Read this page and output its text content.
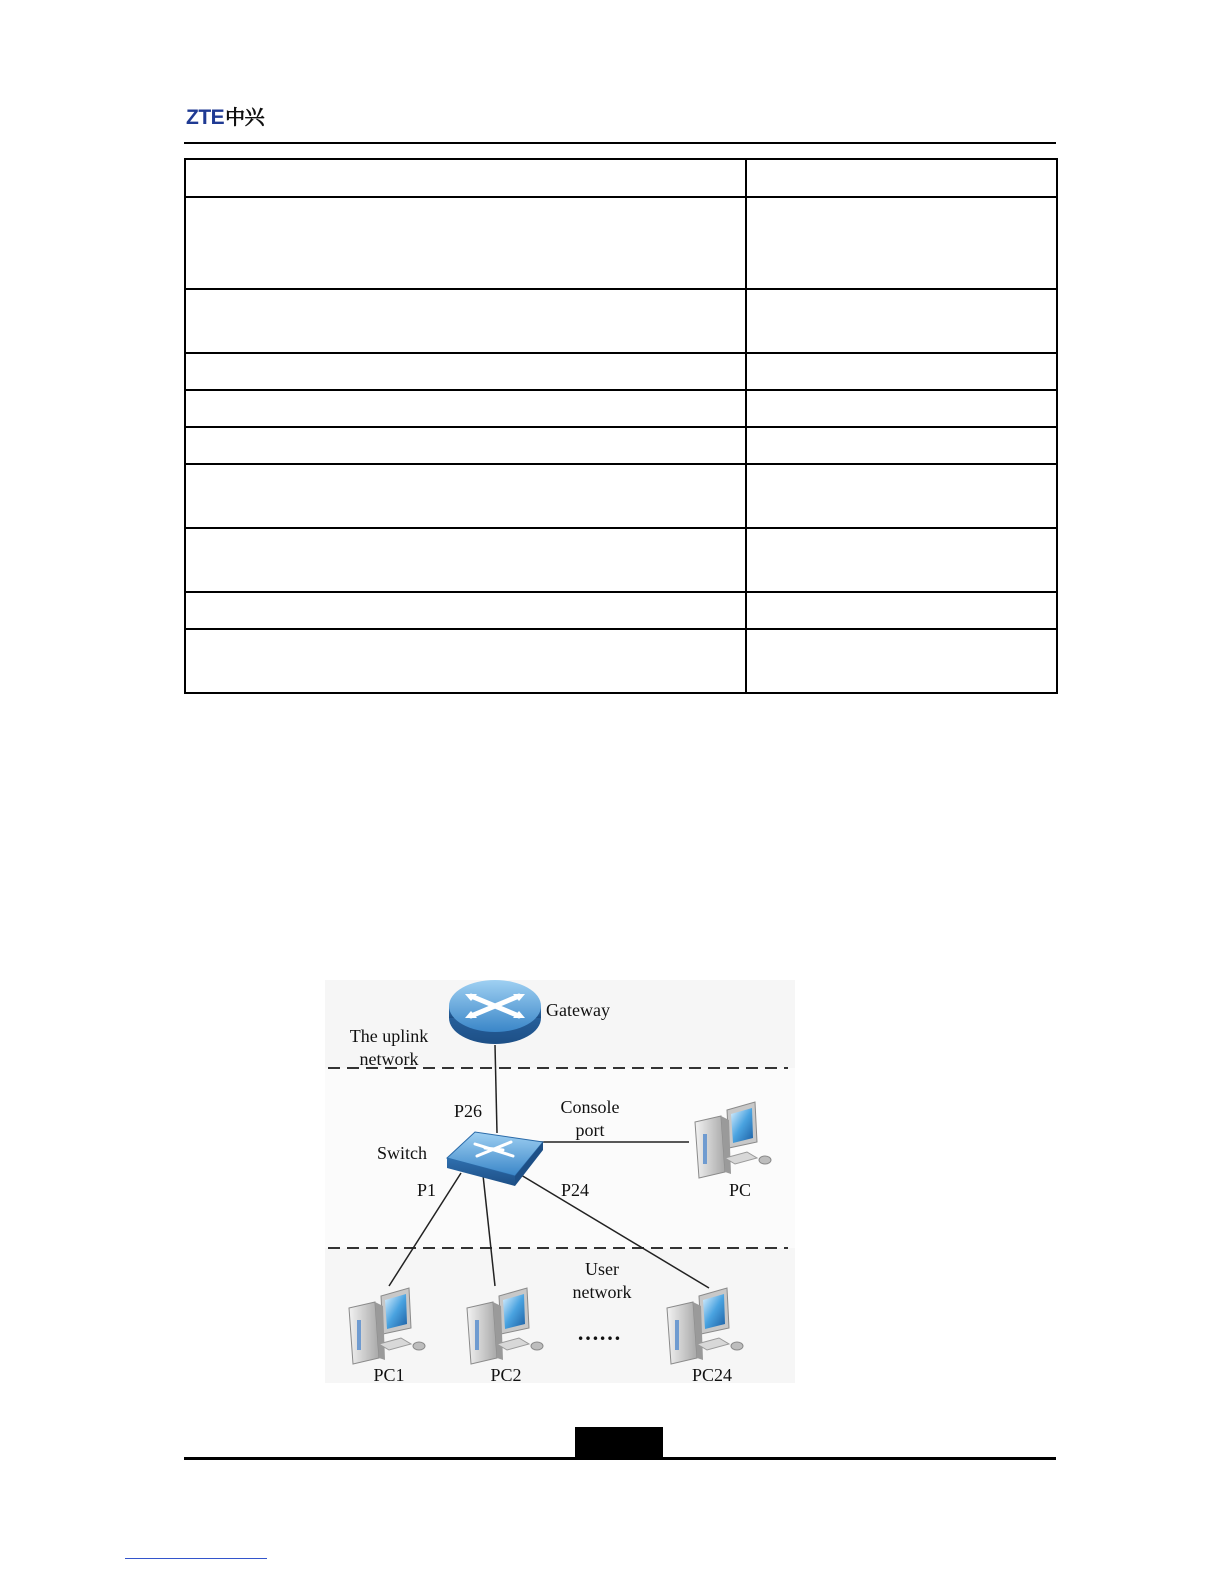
ZTE中兴

Gateway
The uplink
network
P26	Console
port
Switch
P1	P24	PC
User
network
……
PC1	PC2	PC24
